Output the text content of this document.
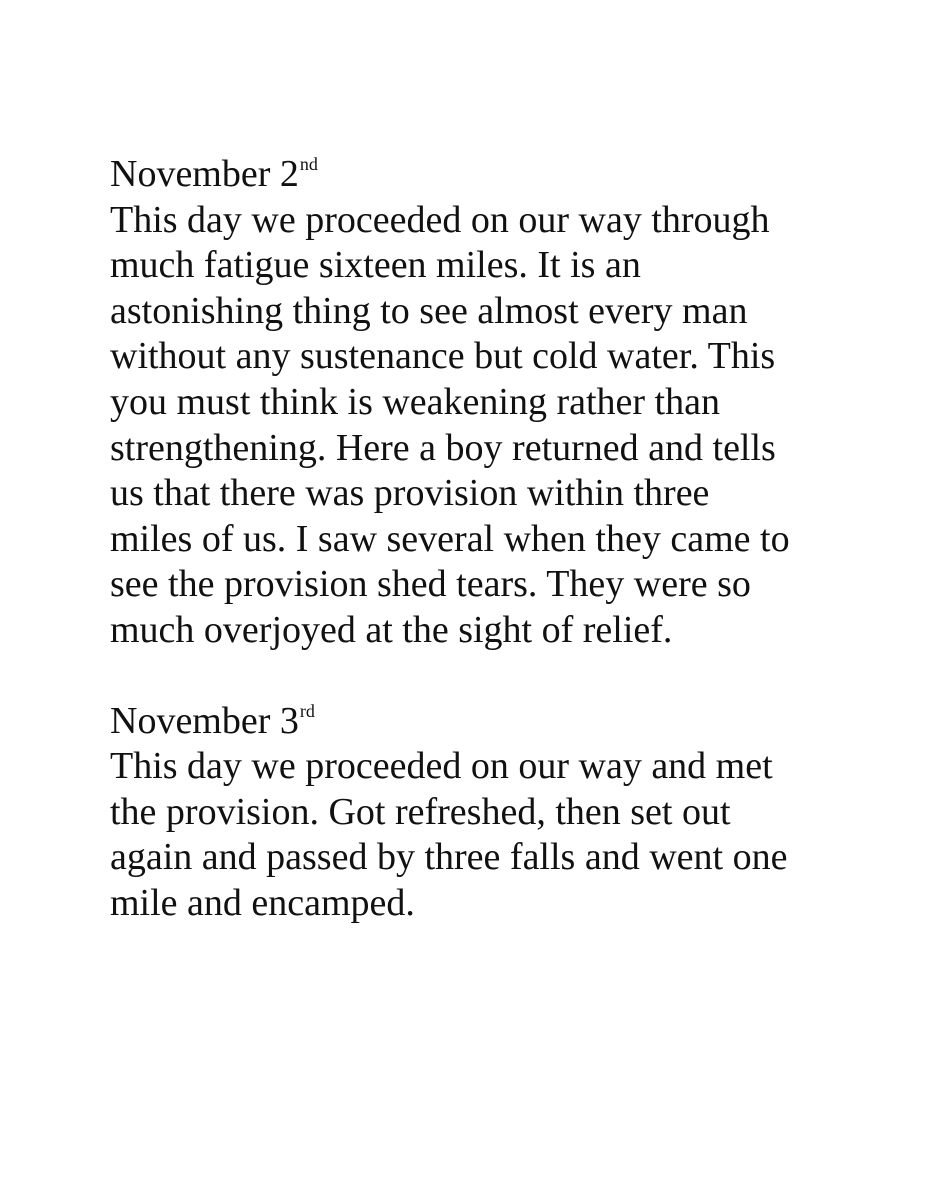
November 2nd
This day we proceeded on our way through
much fatigue sixteen miles. It is an
astonishing thing to see almost every man
without any sustenance but cold water. This
you must think is weakening rather than
strengthening. Here a boy returned and tells
us that there was provision within three
miles of us. I saw several when they came to
see the provision shed tears. They were so
much overjoyed at the sight of relief.
November 3rd
This day we proceeded on our way and met
the provision. Got refreshed, then set out
again and passed by three falls and went one
mile and encamped.
